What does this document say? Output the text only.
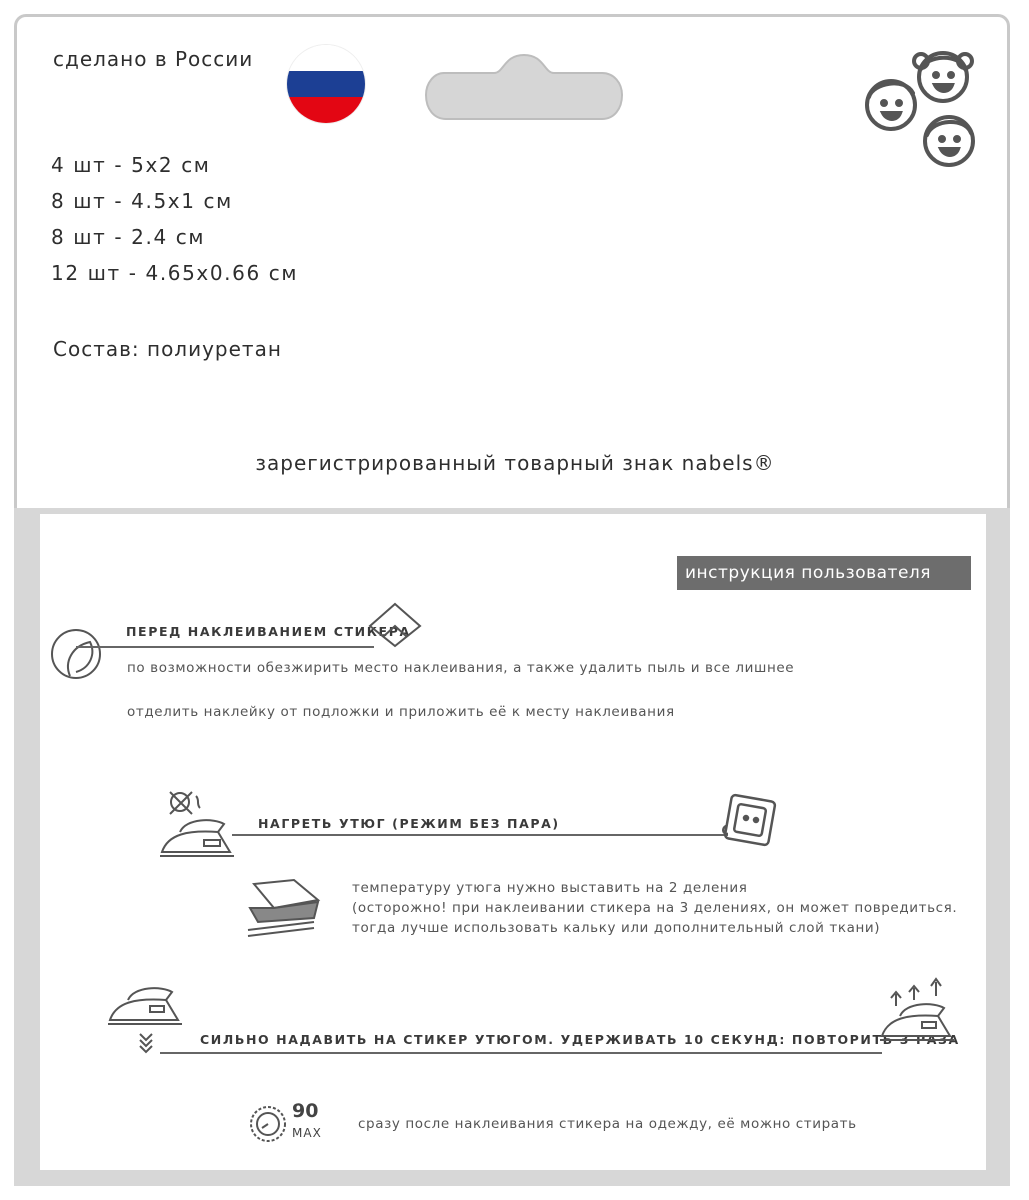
сделано в России
4 шт - 5x2 см
8 шт - 4.5x1 см
8 шт - 2.4 см
12 шт - 4.65x0.66 см
Состав: полиуретан
зарегистрированный товарный знак nabels®
инструкция пользователя
ПЕРЕД НАКЛЕИВАНИЕМ СТИКЕРА
по возможности обезжирить место наклеивания, а также удалить пыль и все лишнее
отделить наклейку от подложки и приложить её к месту наклеивания
НАГРЕТЬ УТЮГ (РЕЖИМ БЕЗ ПАРА)
температуру утюга нужно выставить на 2 деления
(осторожно! при наклеивании стикера на 3 делениях, он может повредиться.
тогда лучше использовать кальку или дополнительный слой ткани)
СИЛЬНО НАДАВИТЬ НА СТИКЕР УТЮГОМ. УДЕРЖИВАТЬ 10 СЕКУНД: ПОВТОРИТЬ 3 РАЗА
90
MAX
сразу после наклеивания стикера на одежду, её можно стирать
